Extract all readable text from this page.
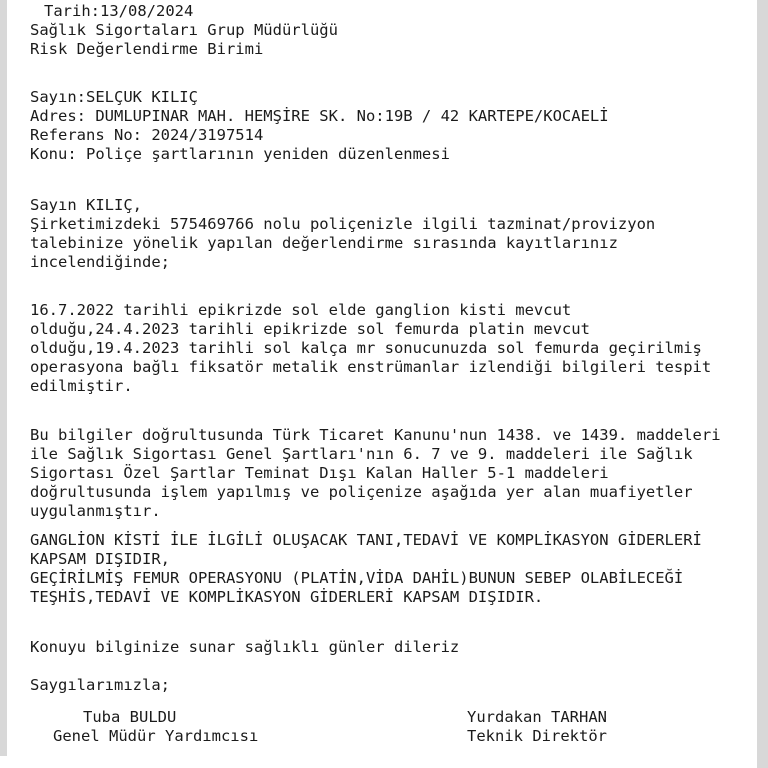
Tarih:13/08/2024
Sağlık Sigortaları Grup Müdürlüğü
Risk Değerlendirme Birimi
Sayın:SELÇUK KILIÇ
Adres: DUMLUPINAR MAH. HEMŞİRE SK. No:19B / 42 KARTEPE/KOCAELİ
Referans No: 2024/3197514
Konu: Poliçe şartlarının yeniden düzenlenmesi
Sayın KILIÇ,
Şirketimizdeki 575469766 nolu poliçenizle ilgili tazminat/provizyon
talebinize yönelik yapılan değerlendirme sırasında kayıtlarınız
incelendiğinde;
16.7.2022 tarihli epikrizde sol elde ganglion kisti mevcut
olduğu,24.4.2023 tarihli epikrizde sol femurda platin mevcut
olduğu,19.4.2023 tarihli sol kalça mr sonucunuzda sol femurda geçirilmiş
operasyona bağlı fiksatör metalik enstrümanlar izlendiği bilgileri tespit
edilmiştir.
Bu bilgiler doğrultusunda Türk Ticaret Kanunu'nun 1438. ve 1439. maddeleri
ile Sağlık Sigortası Genel Şartları'nın 6. 7 ve 9. maddeleri ile Sağlık
Sigortası Özel Şartlar Teminat Dışı Kalan Haller 5-1 maddeleri
doğrultusunda işlem yapılmış ve poliçenize aşağıda yer alan muafiyetler
uygulanmıştır.
GANGLİON KİSTİ İLE İLGİLİ OLUŞACAK TANI,TEDAVİ VE KOMPLİKASYON GİDERLERİ
KAPSAM DIŞIDIR,
GEÇİRİLMİŞ FEMUR OPERASYONU (PLATİN,VİDA DAHİL)BUNUN SEBEP OLABİLECEĞİ
TEŞHİS,TEDAVİ VE KOMPLİKASYON GİDERLERİ KAPSAM DIŞIDIR.
Konuyu bilginize sunar sağlıklı günler dileriz
Saygılarımızla;
Tuba BULDU
Genel Müdür Yardımcısı
Yurdakan TARHAN
Teknik Direktör
